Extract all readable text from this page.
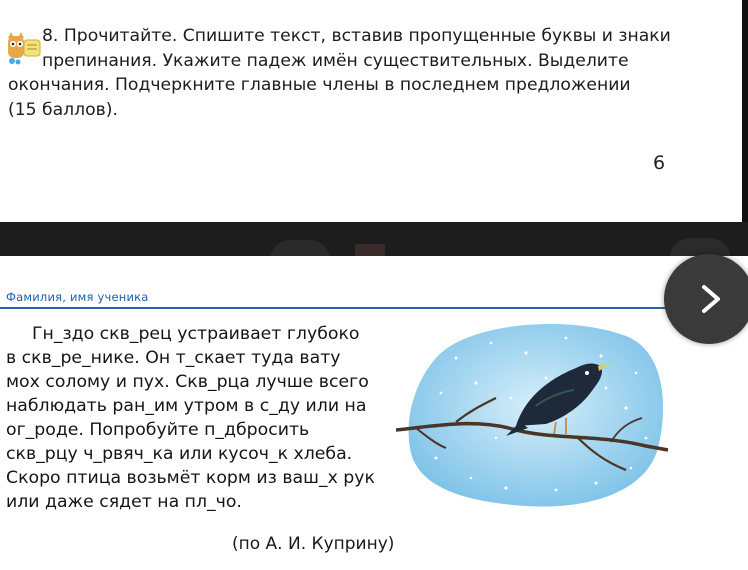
8. Прочитайте. Спишите текст, вставив пропущенные буквы и знаки
препинания. Укажите падеж имён существительных. Выделите
окончания. Подчеркните главные члены в последнем предложении
(15 баллов).
6
Фамилия, имя ученика
Гн_здо скв_рец устраивает глубоко
в скв_ре_нике. Он т_скает туда вату
мох солому и пух. Скв_рца лучше всего
наблюдать ран_им утром в с_ду или на
ог_роде. Попробуйте п_дбросить
скв_рцу ч_рвяч_ка или кусоч_к хлеба.
Скоро птица возьмёт корм из ваш_х рук
или даже сядет на пл_чо.
(по А. И. Куприну)
